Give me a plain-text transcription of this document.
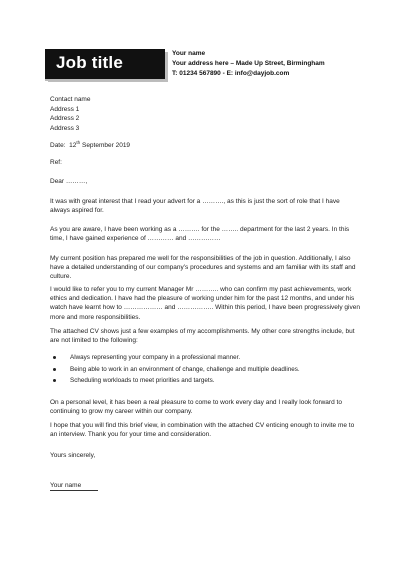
Job title	Your name
Your address here – Made Up Street, Birmingham
T: 01234 567890 - E: info@dayjob.com
Contact name
Address 1
Address 2
Address 3
Date: 12th September 2019
Ref:
Dear ………,
It was with great interest that I read your advert for a ………., as this is just the sort of role that I have always aspired for.
As you are aware, I have been working as a ………. for the …….. department for the last 2 years. In this time, I have gained experience of ………… and ……………
My current position has prepared me well for the responsibilities of the job in question. Additionally, I also have a detailed understanding of our company’s procedures and systems and am familiar with its staff and culture.
I would like to refer you to my current Manager Mr ……….. who can confirm my past achievements, work ethics and dedication. I have had the pleasure of working under him for the past 12 months, and under his watch have learnt how to ……………… and …………….. Within this period, I have been progressively given more and more responsibilities.
The attached CV shows just a few examples of my accomplishments. My other core strengths include, but are not limited to the following:
Always representing your company in a professional manner.
Being able to work in an environment of change, challenge and multiple deadlines.
Scheduling workloads to meet priorities and targets.
On a personal level, it has been a real pleasure to come to work every day and I really look forward to continuing to grow my career within our company.
I hope that you will find this brief view, in combination with the attached CV enticing enough to invite me to an interview. Thank you for your time and consideration.
Yours sincerely,
Your name
